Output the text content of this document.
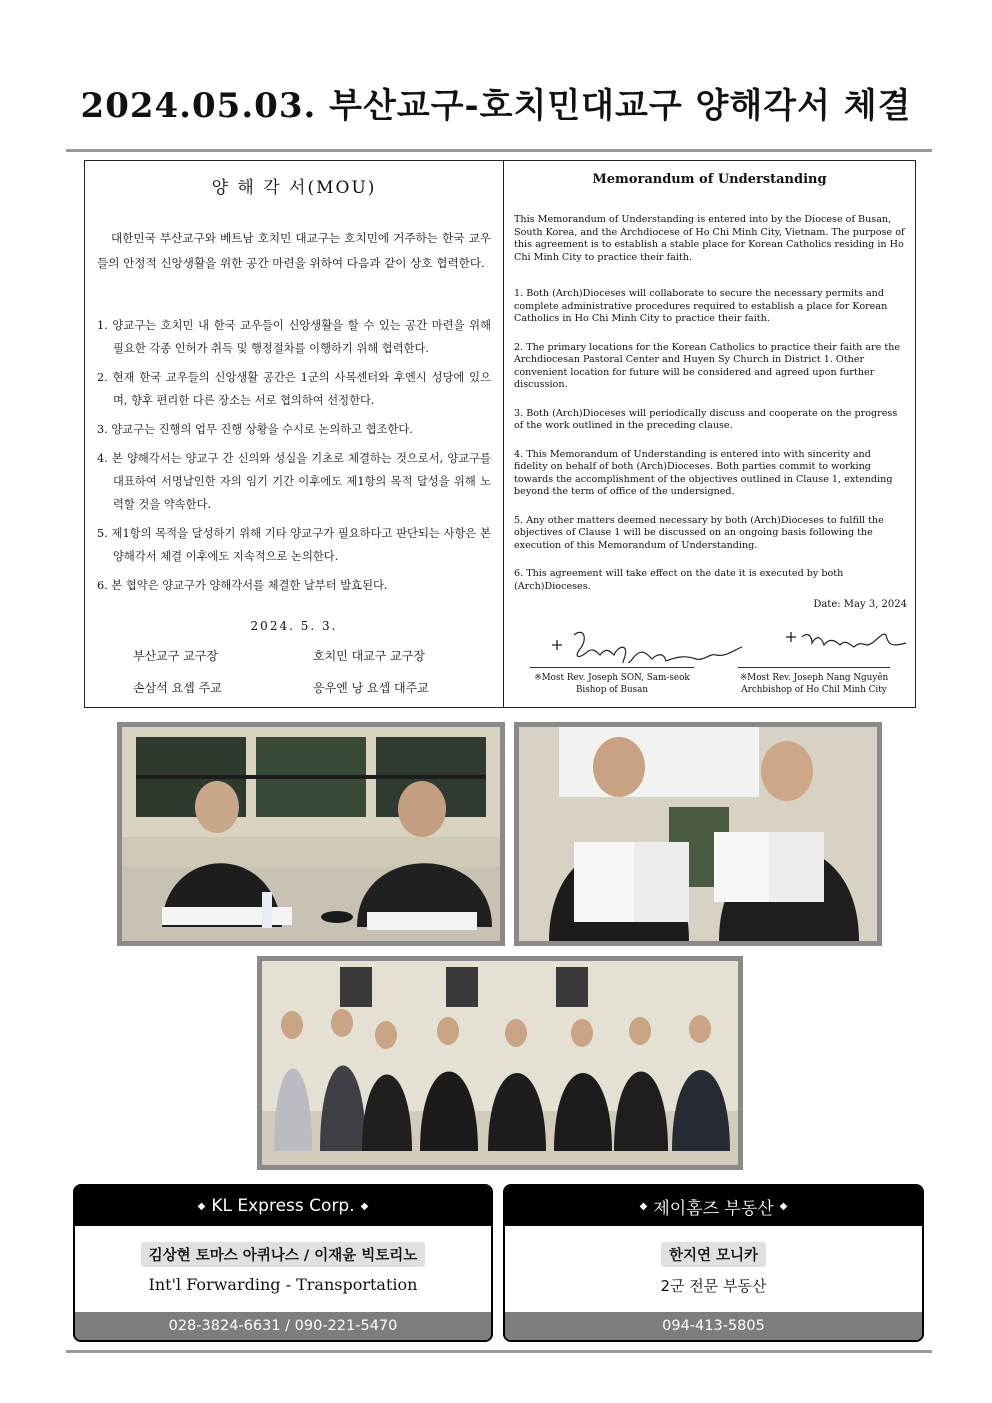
2024.05.03. 부산교구-호치민대교구 양해각서 체결
양 해 각 서(MOU)
대한민국 부산교구와 베트남 호치민 대교구는 호치민에 거주하는 한국 교우들의 안정적 신앙생활을 위한 공간 마련을 위하여 다음과 같이 상호 협력한다.
1. 양교구는 호치민 내 한국 교우들이 신앙생활을 할 수 있는 공간 마련을 위해 필요한 각종 인허가 취득 및 행정절차를 이행하기 위해 협력한다.
2. 현재 한국 교우들의 신앙생활 공간은 1군의 사목센터와 후엔시 성당에 있으며, 향후 편리한 다른 장소는 서로 협의하여 선정한다.
3. 양교구는 진행의 업무 진행 상황을 수시로 논의하고 협조한다.
4. 본 양해각서는 양교구 간 신의와 성실을 기초로 체결하는 것으로서, 양교구를 대표하여 서명날인한 자의 임기 기간 이후에도 제1항의 목적 달성을 위해 노력할 것을 약속한다.
5. 제1항의 목적을 달성하기 위해 기타 양교구가 필요하다고 판단되는 사항은 본 양해각서 체결 이후에도 지속적으로 논의한다.
6. 본 협약은 양교구가 양해각서를 체결한 날부터 발효된다.
2024. 5. 3.
부산교구 교구장	호치민 대교구 교구장
손삼석 요셉 주교	응우엔 낭 요셉 대주교
Memorandum of Understanding
This Memorandum of Understanding is entered into by the Diocese of Busan, South Korea, and the Archdiocese of Ho Chi Minh City, Vietnam. The purpose of this agreement is to establish a stable place for Korean Catholics residing in Ho Chi Minh City to practice their faith.
1. Both (Arch)Dioceses will collaborate to secure the necessary permits and complete administrative procedures required to establish a place for Korean Catholics in Ho Chi Minh City to practice their faith.
2. The primary locations for the Korean Catholics to practice their faith are the Archdiocesan Pastoral Center and Huyen Sy Church in District 1. Other convenient location for future will be considered and agreed upon further discussion.
3. Both (Arch)Dioceses will periodically discuss and cooperate on the progress of the work outlined in the preceding clause.
4. This Memorandum of Understanding is entered into with sincerity and fidelity on behalf of both (Arch)Dioceses. Both parties commit to working towards the accomplishment of the objectives outlined in Clause 1, extending beyond the term of office of the undersigned.
5. Any other matters deemed necessary by both (Arch)Dioceses to fulfill the objectives of Clause 1 will be discussed on an ongoing basis following the execution of this Memorandum of Understanding.
6. This agreement will take effect on the date it is executed by both (Arch)Dioceses.
Date: May 3, 2024
※Most Rev. Joseph SON, Sam-seok
Bishop of Busan
※Most Rev. Joseph Nang Nguyên
Archbishop of Ho Chil Minh City
◆ KL Express Corp. ◆
김상현 토마스 아퀴나스 / 이재윤 빅토리노
Int'l Forwarding - Transportation
028-3824-6631 / 090-221-5470
◆ 제이홈즈 부동산 ◆
한지연 모니카
2군 전문 부동산
094-413-5805
